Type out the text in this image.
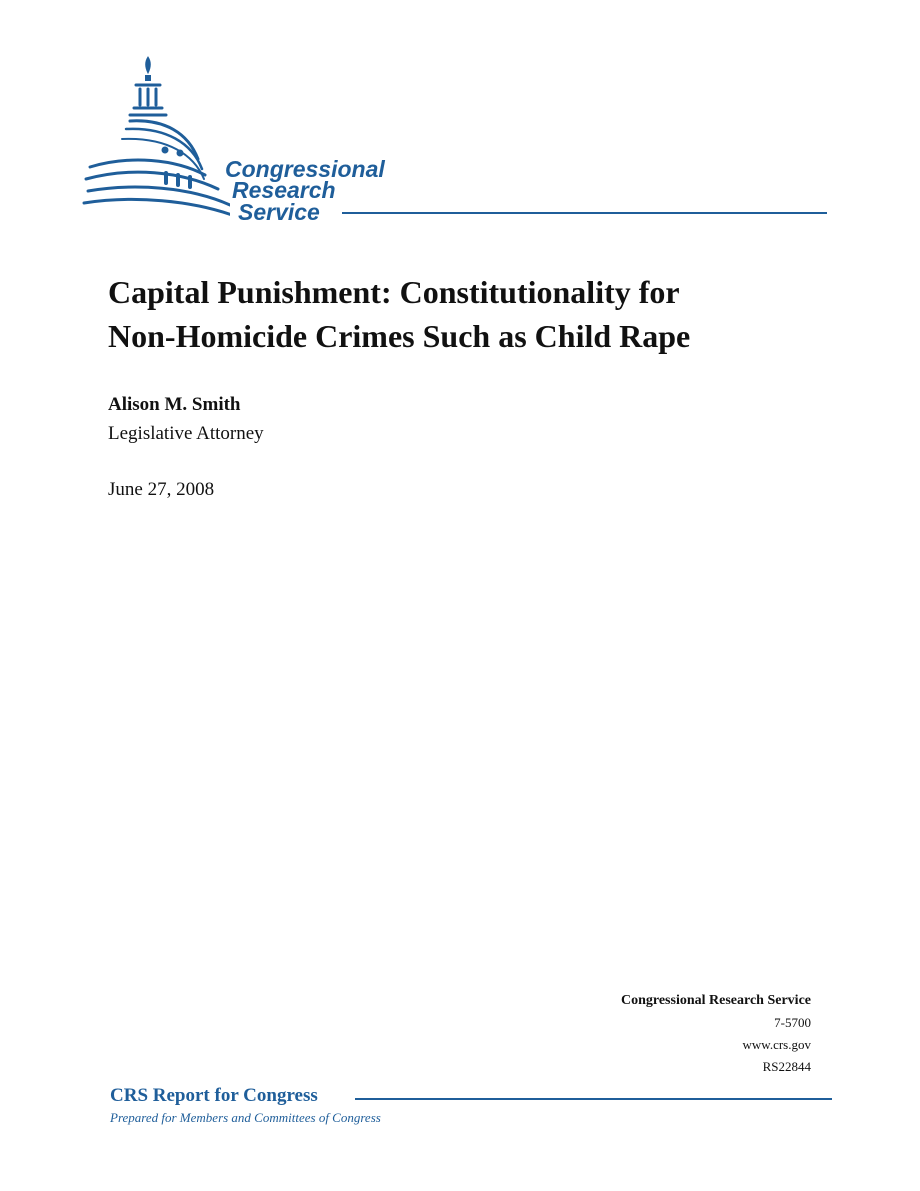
Congressional
Research
Service
Capital Punishment: Constitutionality for
Non-Homicide Crimes Such as Child Rape

Alison M. Smith

Legislative Attorney

June 27, 2008

Congressional Research Service
7-5700
www.crs.gov
RS22844
CRS Report for Congress
Prepared for Members and Committees of Congress
